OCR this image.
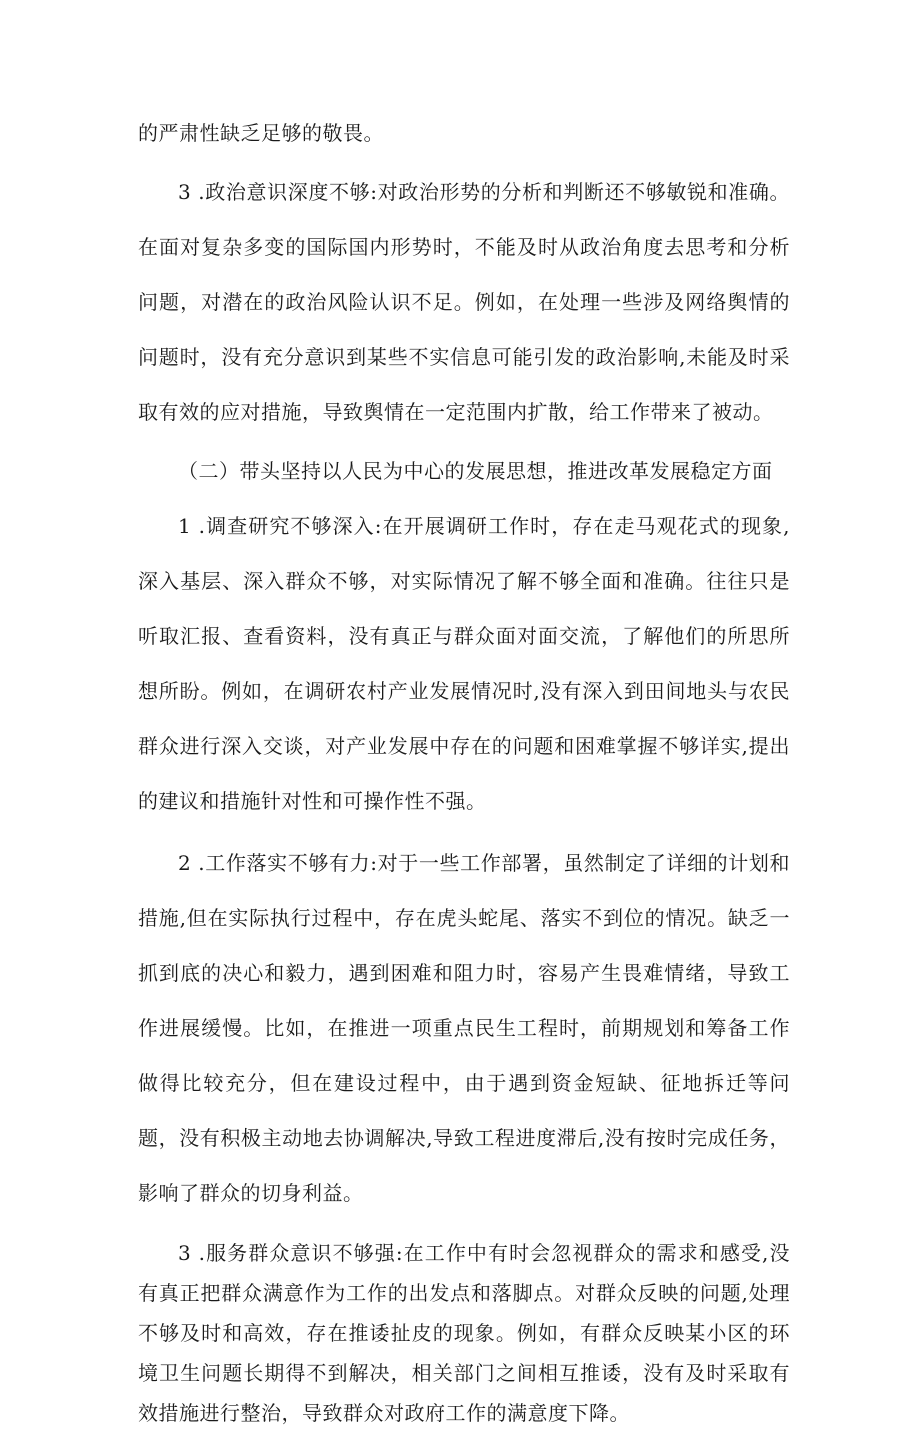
的严肃性缺乏足够的敬畏。

3 .政治意识深度不够:对政治形势的分析和判断还不够敏锐和准确。在面对复杂多变的国际国内形势时，不能及时从政治角度去思考和分析问题，对潜在的政治风险认识不足。例如，在处理一些涉及网络舆情的问题时，没有充分意识到某些不实信息可能引发的政治影响,未能及时采取有效的应对措施，导致舆情在一定范围内扩散，给工作带来了被动。

（二）带头坚持以人民为中心的发展思想，推进改革发展稳定方面

1 .调查研究不够深入:在开展调研工作时，存在走马观花式的现象,深入基层、深入群众不够，对实际情况了解不够全面和准确。往往只是听取汇报、查看资料，没有真正与群众面对面交流，了解他们的所思所想所盼。例如，在调研农村产业发展情况时,没有深入到田间地头与农民群众进行深入交谈，对产业发展中存在的问题和困难掌握不够详实,提出的建议和措施针对性和可操作性不强。

2 .工作落实不够有力:对于一些工作部署，虽然制定了详细的计划和措施,但在实际执行过程中，存在虎头蛇尾、落实不到位的情况。缺乏一抓到底的决心和毅力，遇到困难和阻力时，容易产生畏难情绪，导致工作进展缓慢。比如，在推进一项重点民生工程时，前期规划和筹备工作做得比较充分，但在建设过程中，由于遇到资金短缺、征地拆迁等问题，没有积极主动地去协调解决,导致工程进度滞后,没有按时完成任务，影响了群众的切身利益。

3 .服务群众意识不够强:在工作中有时会忽视群众的需求和感受,没有真正把群众满意作为工作的出发点和落脚点。对群众反映的问题,处理不够及时和高效，存在推诿扯皮的现象。例如，有群众反映某小区的环境卫生问题长期得不到解决，相关部门之间相互推诿，没有及时采取有效措施进行整治，导致群众对政府工作的满意度下降。
